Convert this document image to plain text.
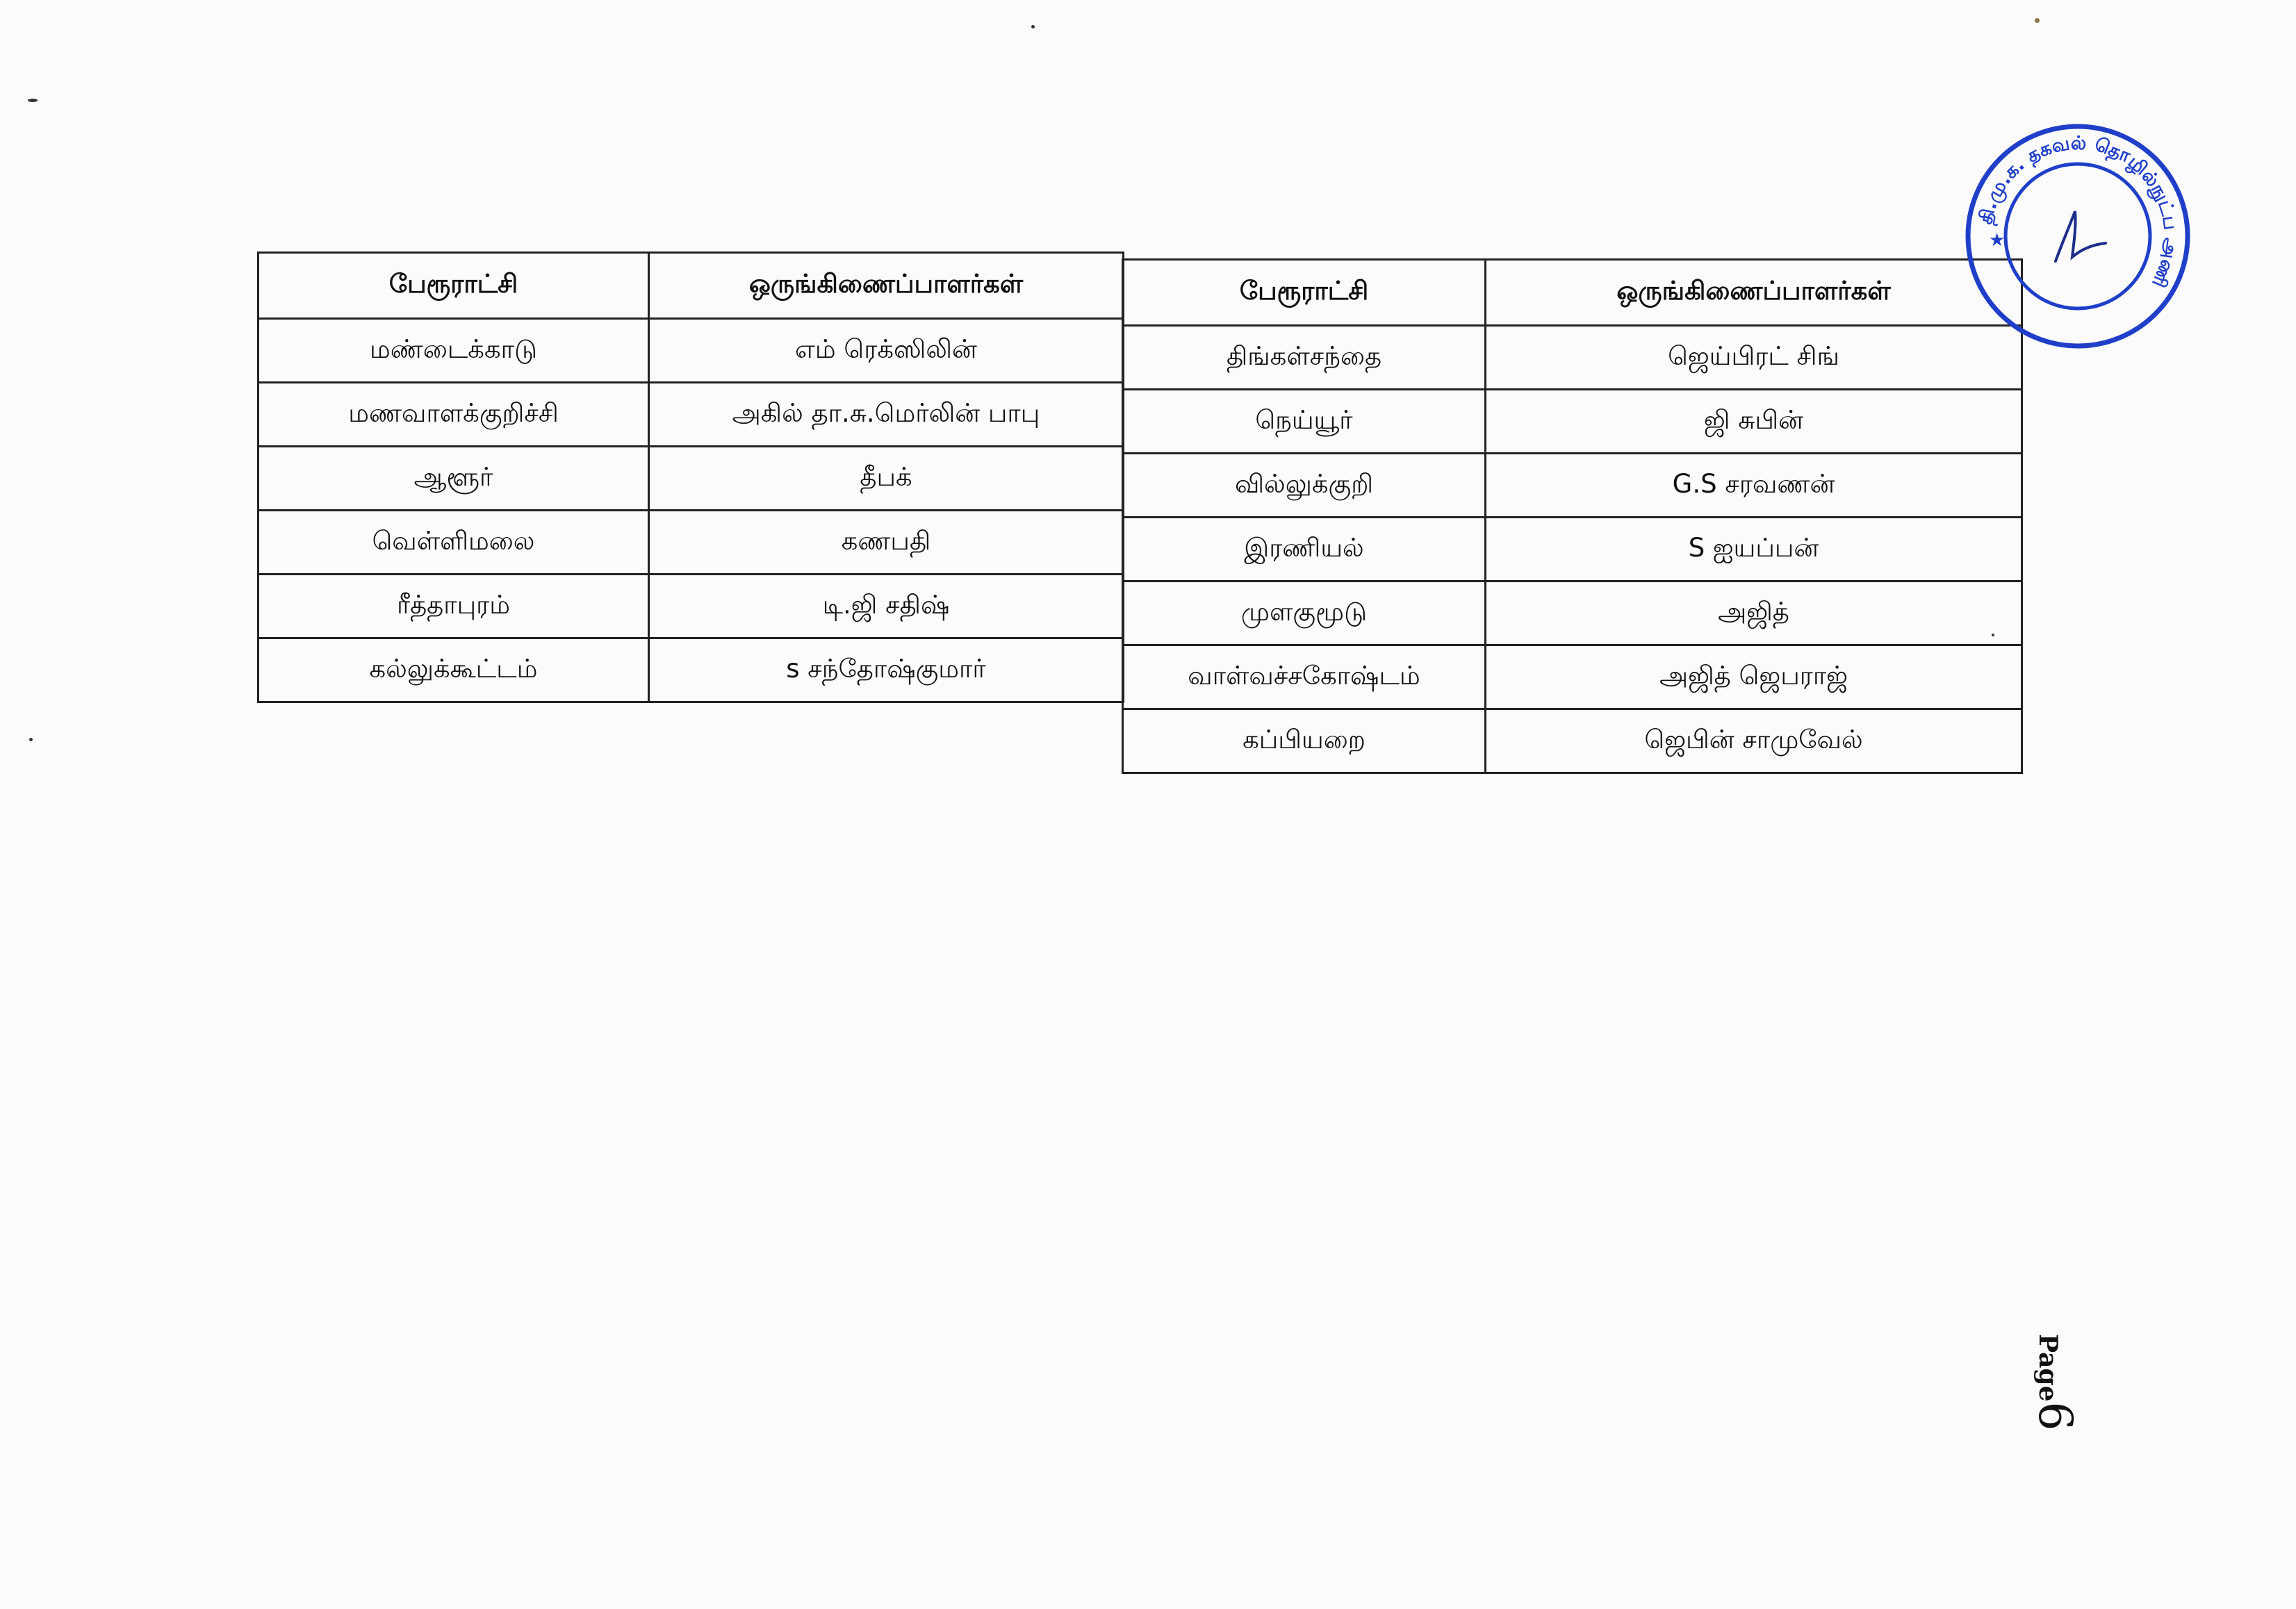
பேரூராட்சி	ஒருங்கிணைப்பாளர்கள்
மண்டைக்காடு	எம் ரெக்ஸிலின்
மணவாளக்குறிச்சி	அகில் தா.சு.மெர்லின் பாபு
ஆளூர்	தீபக்
வெள்ளிமலை	கணபதி
ரீத்தாபுரம்	டி.ஜி சதிஷ்
கல்லுக்கூட்டம்	s சந்தோஷ்குமார்
பேரூராட்சி	ஒருங்கிணைப்பாளர்கள்
திங்கள்சந்தை	ஜெய்பிரட் சிங்
நெய்யூர்	ஜி சுபின்
வில்லுக்குறி	G.S சரவணன்
இரணியல்	S ஐயப்பன்
முளகுமூடு	அஜித்
வாள்வச்சகோஷ்டம்	அஜித் ஜெபராஜ்
கப்பியறை	ஜெபின் சாமுவேல்
தி.மு.க. தகவல் தொழில்நுட்ப அணி
★
Page6
